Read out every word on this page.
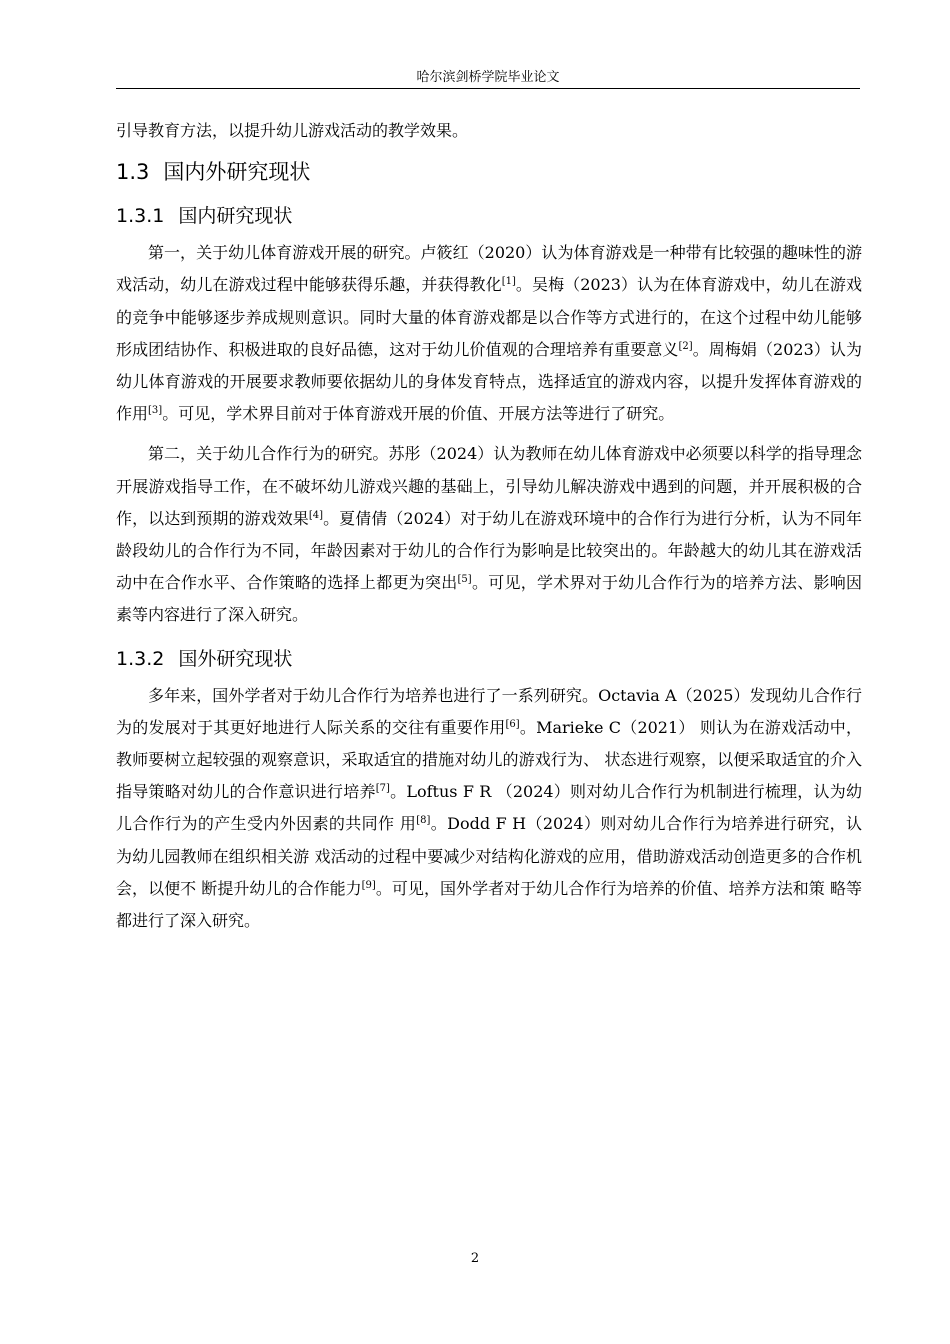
哈尔滨剑桥学院毕业论文

引导教育方法，以提升幼儿游戏活动的教学效果。

1.3 国内外研究现状
1.3.1 国内研究现状

第一，关于幼儿体育游戏开展的研究。卢筱红（2020）认为体育游戏是一种带有比较强的趣味性的游戏活动，幼儿在游戏过程中能够获得乐趣，并获得教化[1]。吴梅（2023）认为在体育游戏中，幼儿在游戏的竞争中能够逐步养成规则意识。同时大量的体育游戏都是以合作等方式进行的，在这个过程中幼儿能够形成团结协作、积极进取的良好品德，这对于幼儿价值观的合理培养有重要意义[2]。周梅娟（2023）认为幼儿体育游戏的开展要求教师要依据幼儿的身体发育特点，选择适宜的游戏内容，以提升发挥体育游戏的作用[3]。可见，学术界目前对于体育游戏开展的价值、开展方法等进行了研究。

第二，关于幼儿合作行为的研究。苏彤（2024）认为教师在幼儿体育游戏中必须要以科学的指导理念开展游戏指导工作，在不破坏幼儿游戏兴趣的基础上，引导幼儿解决游戏中遇到的问题，并开展积极的合作，以达到预期的游戏效果[4]。夏倩倩（2024）对于幼儿在游戏环境中的合作行为进行分析，认为不同年龄段幼儿的合作行为不同，年龄因素对于幼儿的合作行为影响是比较突出的。年龄越大的幼儿其在游戏活动中在合作水平、合作策略的选择上都更为突出[5]。可见，学术界对于幼儿合作行为的培养方法、影响因素等内容进行了深入研究。

1.3.2 国外研究现状

多年来，国外学者对于幼儿合作行为培养也进行了一系列研究。Octavia A（2025）发现幼儿合作行为的发展对于其更好地进行人际关系的交往有重要作用[6]。Marieke C（2021） 则认为在游戏活动中，教师要树立起较强的观察意识，采取适宜的措施对幼儿的游戏行为、 状态进行观察，以便采取适宜的介入指导策略对幼儿的合作意识进行培养[7]。Loftus F R （2024）则对幼儿合作行为机制进行梳理，认为幼儿合作行为的产生受内外因素的共同作 用[8]。Dodd F H（2024）则对幼儿合作行为培养进行研究，认为幼儿园教师在组织相关游 戏活动的过程中要减少对结构化游戏的应用，借助游戏活动创造更多的合作机会，以便不 断提升幼儿的合作能力[9]。可见，国外学者对于幼儿合作行为培养的价值、培养方法和策 略等都进行了深入研究。

2
